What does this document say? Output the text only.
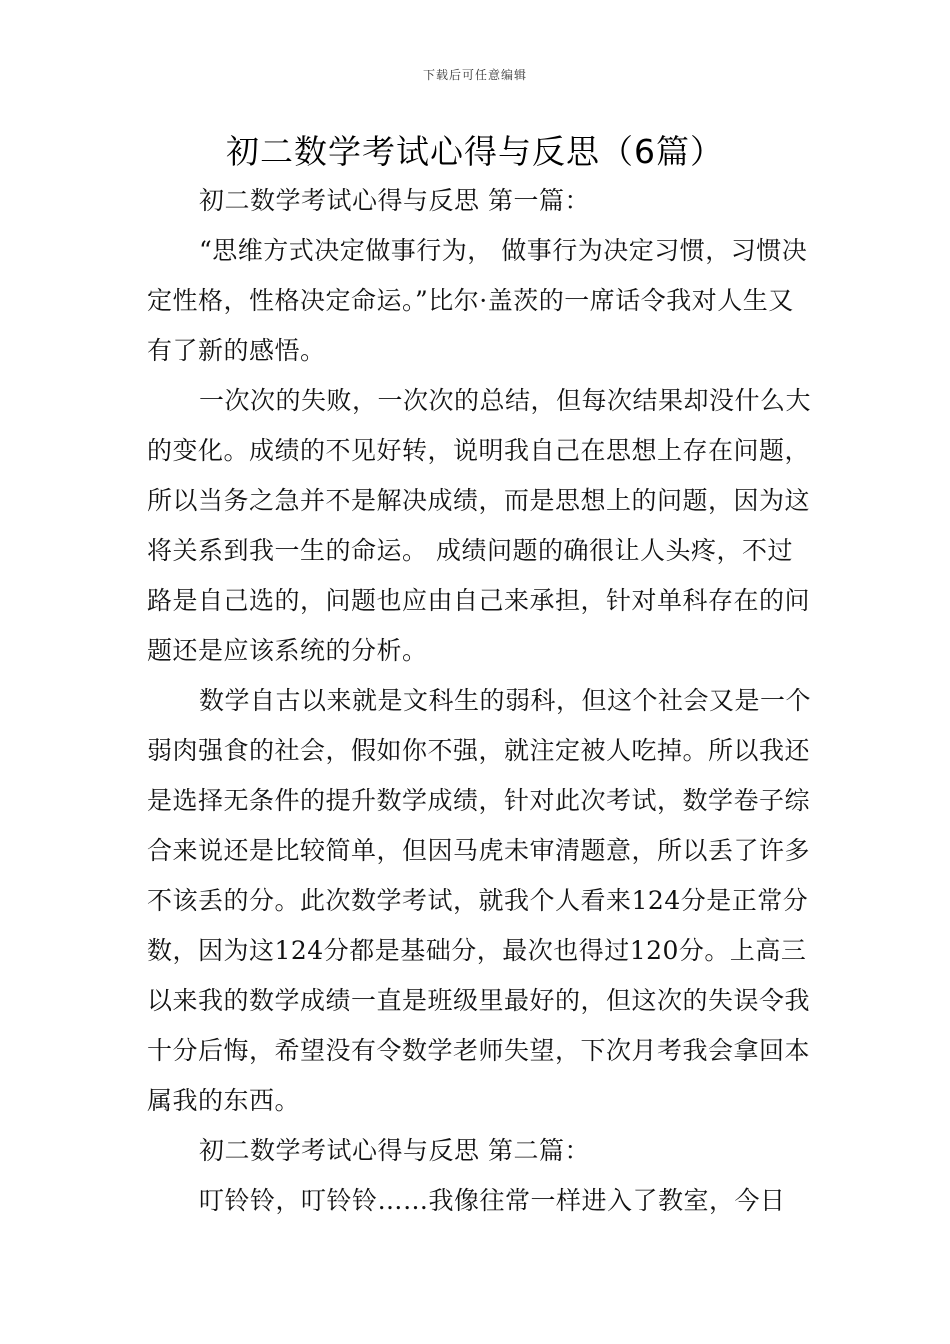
下载后可任意编辑
初二数学考试心得与反思（6篇）

初二数学考试心得与反思 第一篇：

“思维方式决定做事行为， 做事行为决定习惯，习惯决定性格，性格决定命运。”比尔·盖茨的一席话令我对人生又有了新的感悟。

一次次的失败，一次次的总结，但每次结果却没什么大的变化。成绩的不见好转，说明我自己在思想上存在问题，所以当务之急并不是解决成绩，而是思想上的问题，因为这将关系到我一生的命运。 成绩问题的确很让人头疼，不过路是自己选的，问题也应由自己来承担，针对单科存在的问题还是应该系统的分析。

数学自古以来就是文科生的弱科，但这个社会又是一个弱肉强食的社会，假如你不强，就注定被人吃掉。所以我还是选择无条件的提升数学成绩，针对此次考试，数学卷子综合来说还是比较简单，但因马虎未审清题意，所以丢了许多不该丢的分。此次数学考试，就我个人看来124分是正常分数，因为这124分都是基础分，最次也得过120分。上高三以来我的数学成绩一直是班级里最好的，但这次的失误令我十分后悔，希望没有令数学老师失望，下次月考我会拿回本属我的东西。

初二数学考试心得与反思 第二篇：

叮铃铃，叮铃铃……我像往常一样进入了教室，今日
